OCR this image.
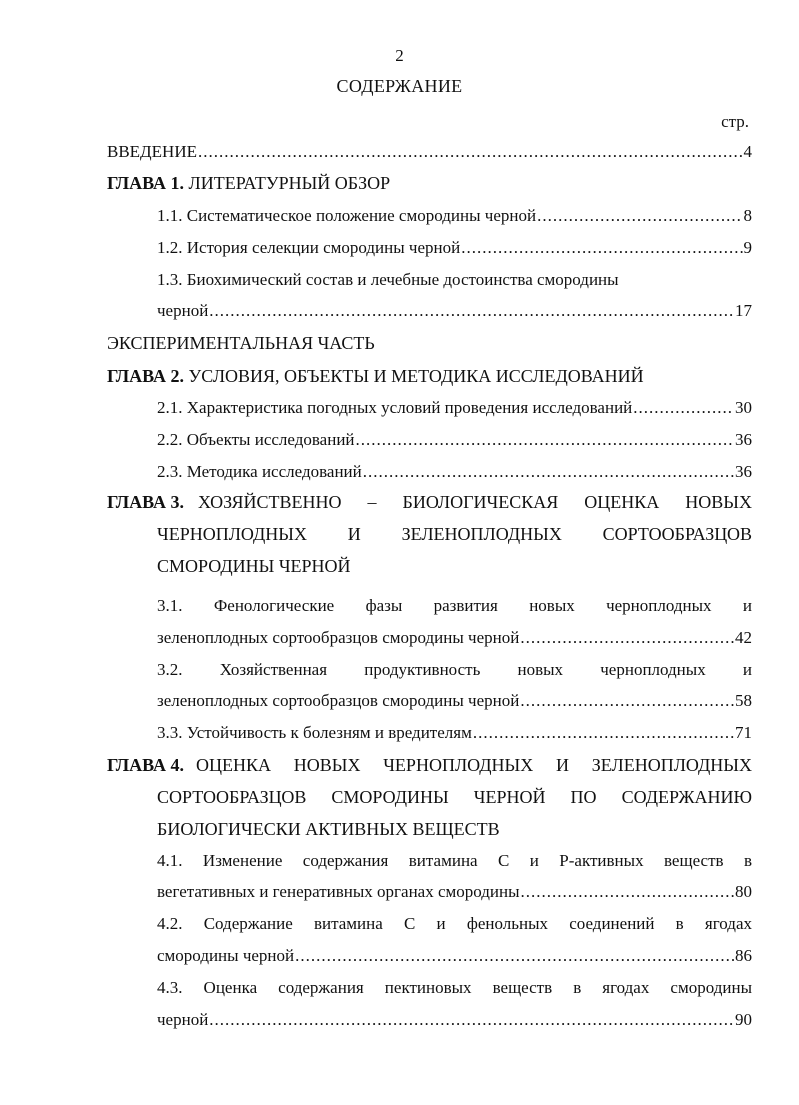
2
СОДЕРЖАНИЕ
стр.
ВВЕДЕНИЕ .....	4
ГЛАВА 1. ЛИТЕРАТУРНЫЙ ОБЗОР
1.1. Систематическое положение смородины черной .....	8
1.2. История селекции смородины черной .....	9
1.3. Биохимический состав и лечебные достоинства смородины
черной .....	17
ЭКСПЕРИМЕНТАЛЬНАЯ ЧАСТЬ
ГЛАВА 2. УСЛОВИЯ, ОБЪЕКТЫ И МЕТОДИКА ИССЛЕДОВАНИЙ
2.1. Характеристика погодных условий проведения исследований .....	30
2.2. Объекты исследований .....	36
2.3. Методика исследований .....	36
ГЛАВА 3. ХОЗЯЙСТВЕННО – БИОЛОГИЧЕСКАЯ ОЦЕНКА НОВЫХ
ЧЕРНОПЛОДНЫХ И ЗЕЛЕНОПЛОДНЫХ СОРТООБРАЗЦОВ
СМОРОДИНЫ ЧЕРНОЙ
3.1. Фенологические фазы развития новых черноплодных и
зеленоплодных сортообразцов смородины черной .....	42
3.2. Хозяйственная продуктивность новых черноплодных и
зеленоплодных сортообразцов смородины черной .....	58
3.3. Устойчивость к болезням и вредителям .....	71
ГЛАВА 4. ОЦЕНКА НОВЫХ ЧЕРНОПЛОДНЫХ И ЗЕЛЕНОПЛОДНЫХ
СОРТООБРАЗЦОВ СМОРОДИНЫ ЧЕРНОЙ ПО СОДЕРЖАНИЮ
БИОЛОГИЧЕСКИ АКТИВНЫХ ВЕЩЕСТВ
4.1. Изменение содержания витамина С и Р-активных веществ в
вегетативных и генеративных органах смородины .....	80
4.2. Содержание витамина С и фенольных соединений в ягодах
смородины черной .....	86
4.3. Оценка содержания пектиновых веществ в ягодах смородины
черной .....	90
